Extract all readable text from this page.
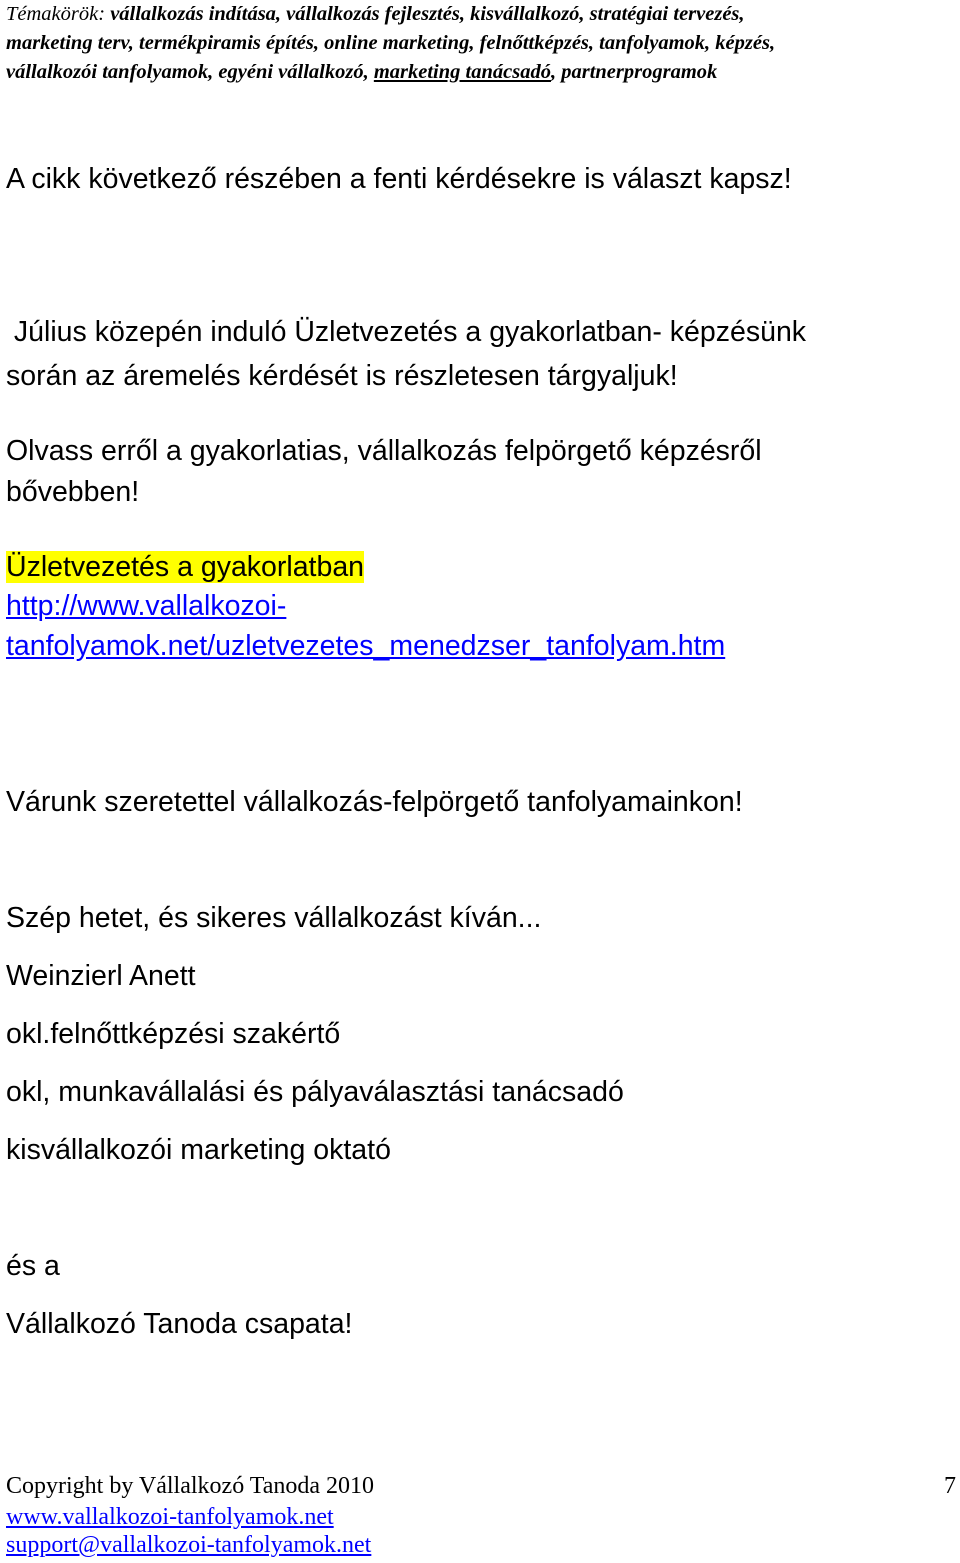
Témakörök: vállalkozás indítása, vállalkozás fejlesztés, kisvállalkozó, stratégiai tervezés,
marketing terv, termékpiramis építés, online marketing, felnőttképzés, tanfolyamok, képzés,
vállalkozói tanfolyamok, egyéni vállalkozó, marketing tanácsadó, partnerprogramok
A cikk következő részében a fenti kérdésekre is választ kapsz!
Július közepén induló Üzletvezetés a gyakorlatban- képzésünk
során az áremelés kérdését is részletesen tárgyaljuk!
Olvass erről a gyakorlatias, vállalkozás felpörgető képzésről
bővebben!
Üzletvezetés a gyakorlatban
http://www.vallalkozoi-
tanfolyamok.net/uzletvezetes_menedzser_tanfolyam.htm
Várunk szeretettel vállalkozás-felpörgető tanfolyamainkon!
Szép hetet, és sikeres vállalkozást kíván...
Weinzierl Anett
okl.felnőttképzési szakértő
okl, munkavállalási és pályaválasztási tanácsadó
kisvállalkozói marketing oktató
és a
Vállalkozó Tanoda csapata!
Copyright by Vállalkozó Tanoda 2010	7
www.vallalkozoi-tanfolyamok.net
support@vallalkozoi-tanfolyamok.net
